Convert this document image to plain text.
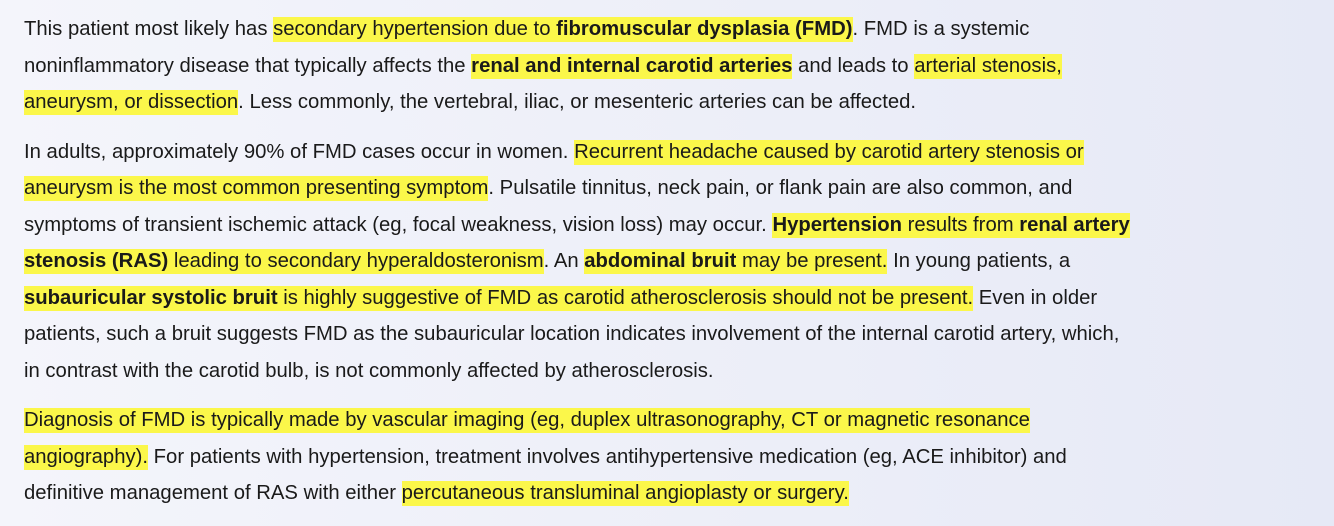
This patient most likely has secondary hypertension due to fibromuscular dysplasia (FMD). FMD is a systemic
noninflammatory disease that typically affects the renal and internal carotid arteries and leads to arterial stenosis,
aneurysm, or dissection. Less commonly, the vertebral, iliac, or mesenteric arteries can be affected.

In adults, approximately 90% of FMD cases occur in women. Recurrent headache caused by carotid artery stenosis or
aneurysm is the most common presenting symptom. Pulsatile tinnitus, neck pain, or flank pain are also common, and
symptoms of transient ischemic attack (eg, focal weakness, vision loss) may occur. Hypertension results from renal artery
stenosis (RAS) leading to secondary hyperaldosteronism. An abdominal bruit may be present. In young patients, a
subauricular systolic bruit is highly suggestive of FMD as carotid atherosclerosis should not be present. Even in older
patients, such a bruit suggests FMD as the subauricular location indicates involvement of the internal carotid artery, which,
in contrast with the carotid bulb, is not commonly affected by atherosclerosis.

Diagnosis of FMD is typically made by vascular imaging (eg, duplex ultrasonography, CT or magnetic resonance
angiography). For patients with hypertension, treatment involves antihypertensive medication (eg, ACE inhibitor) and
definitive management of RAS with either percutaneous transluminal angioplasty or surgery.
